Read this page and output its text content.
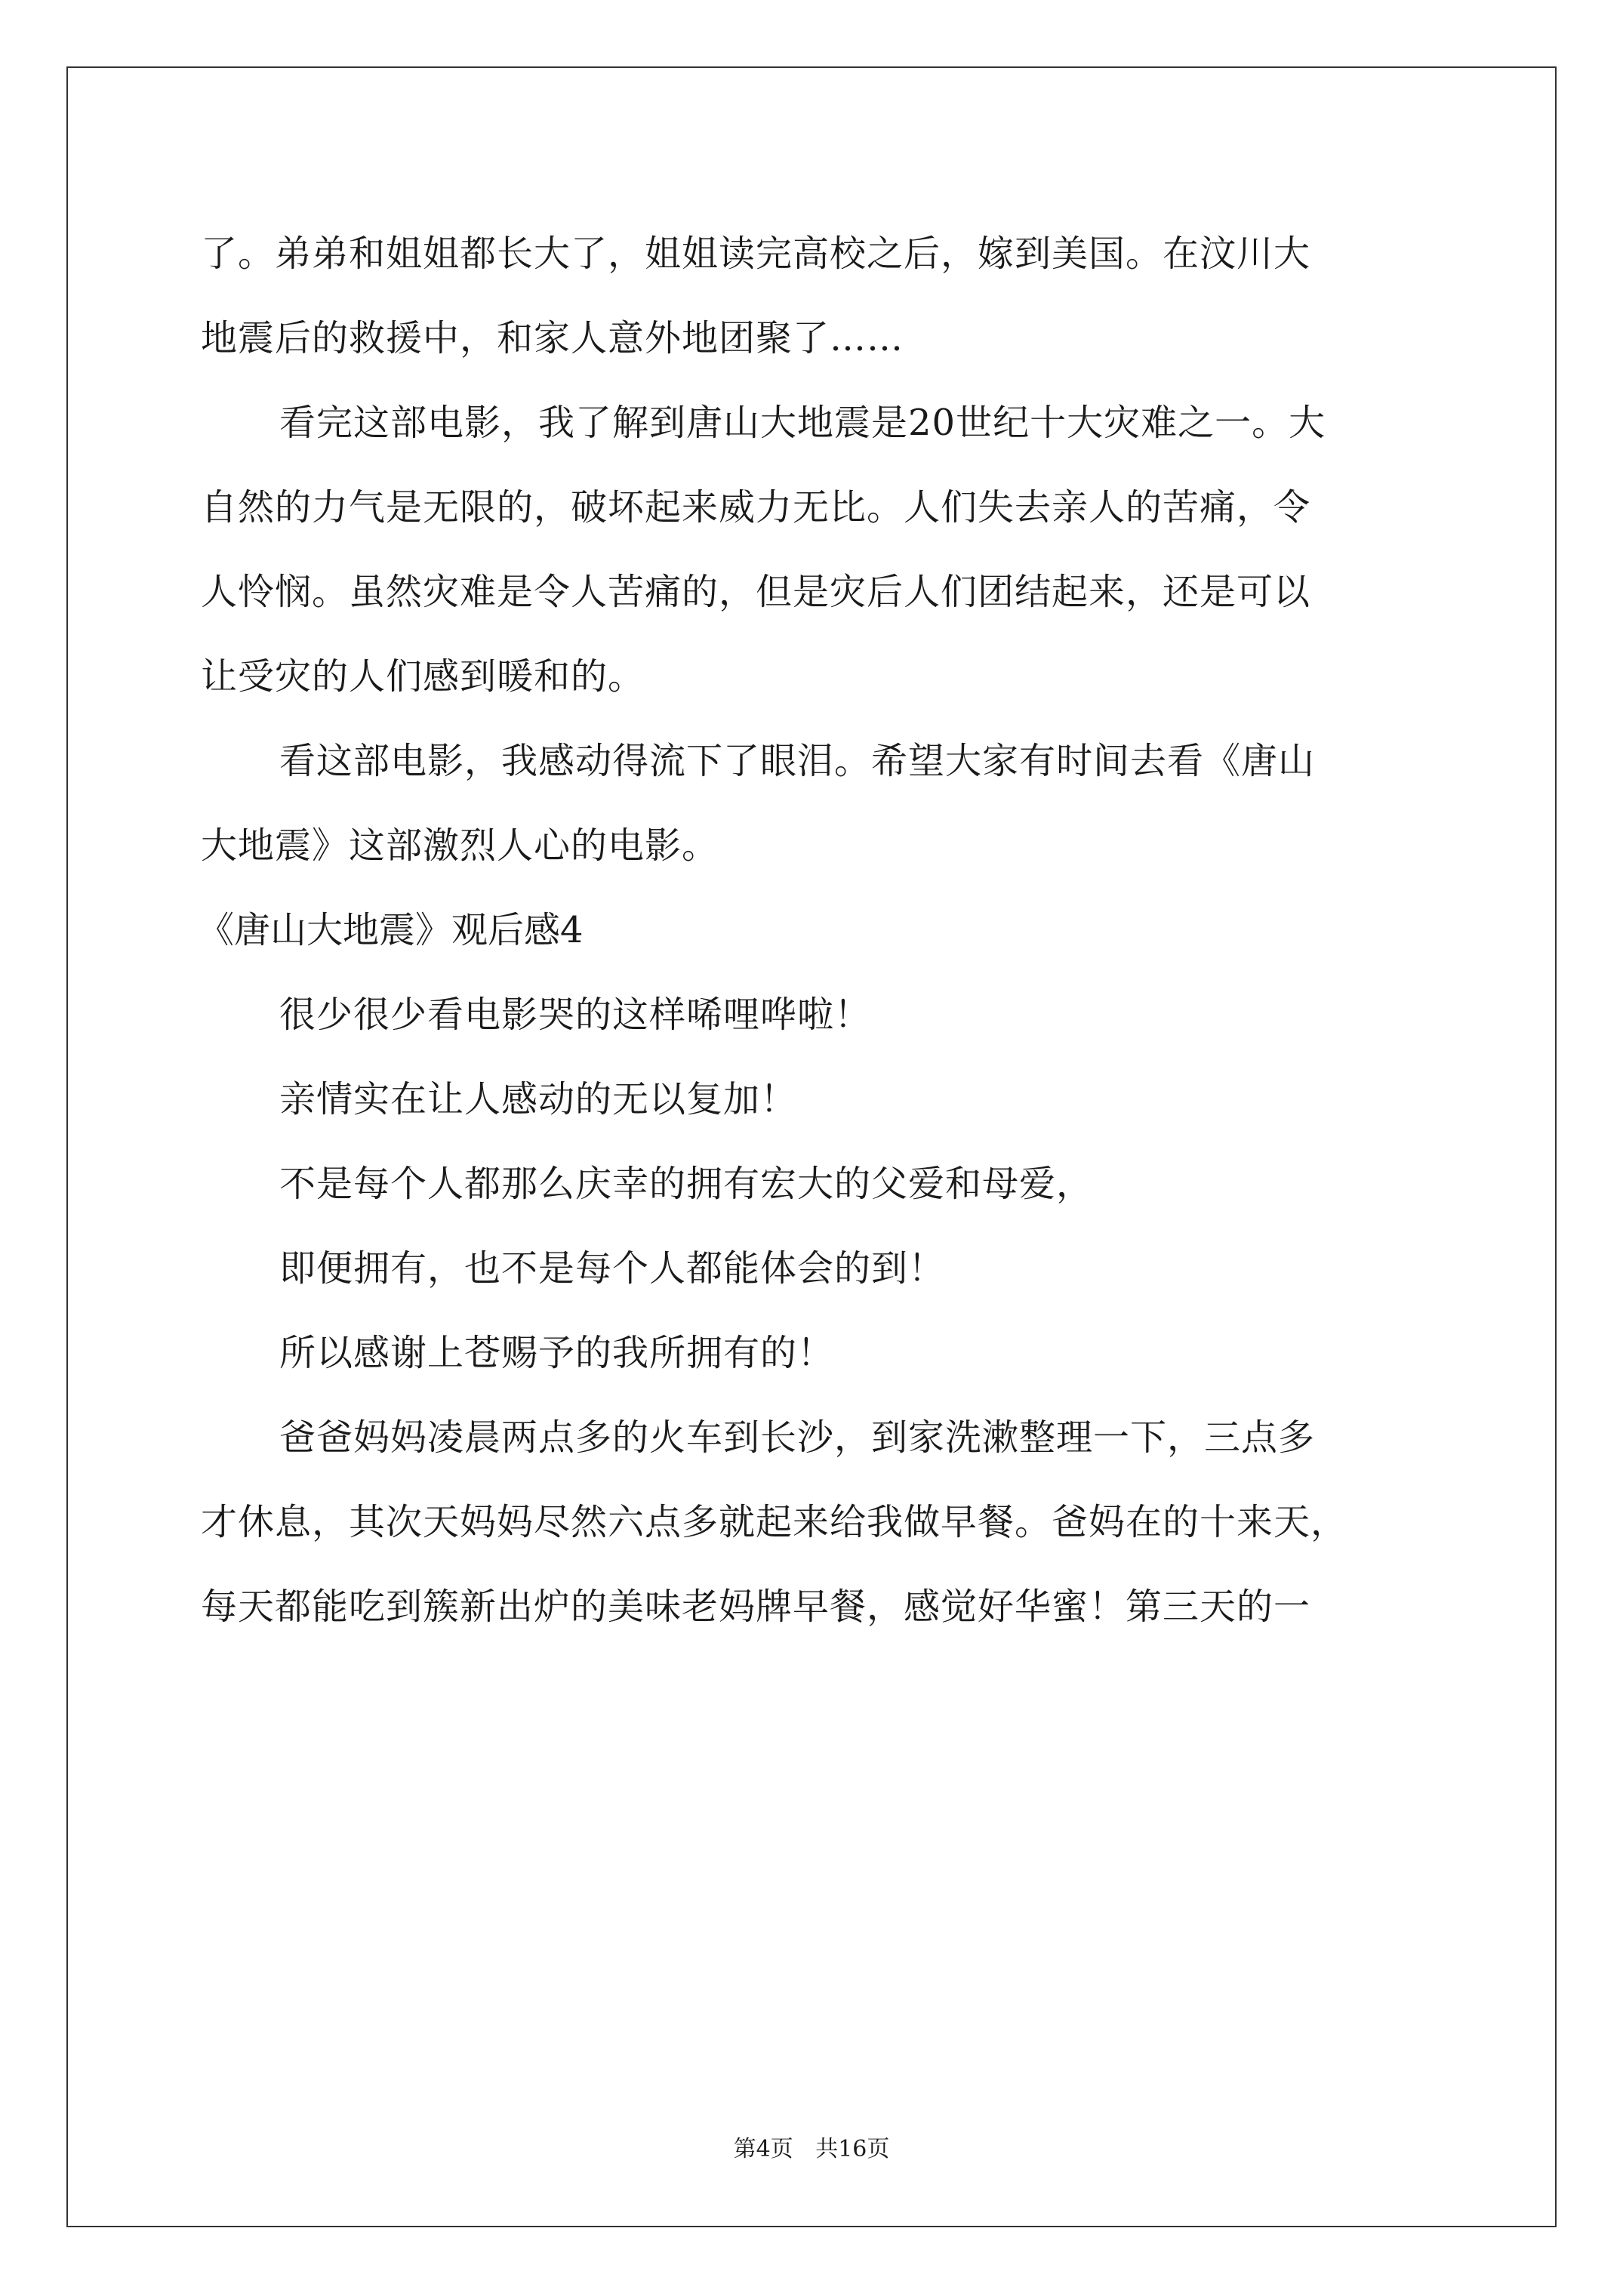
了。弟弟和姐姐都长大了，姐姐读完高校之后，嫁到美国。在汶川大
地震后的救援中，和家人意外地团聚了……
看完这部电影，我了解到唐山大地震是20世纪十大灾难之一。大
自然的力气是无限的，破坏起来威力无比。人们失去亲人的苦痛，令
人怜悯。虽然灾难是令人苦痛的，但是灾后人们团结起来，还是可以
让受灾的人们感到暖和的。
看这部电影，我感动得流下了眼泪。希望大家有时间去看《唐山
大地震》这部激烈人心的电影。
《唐山大地震》观后感4
很少很少看电影哭的这样唏哩哗啦！
亲情实在让人感动的无以复加！
不是每个人都那么庆幸的拥有宏大的父爱和母爱，
即便拥有，也不是每个人都能体会的到！
所以感谢上苍赐予的我所拥有的！
爸爸妈妈凌晨两点多的火车到长沙，到家洗漱整理一下，三点多
才休息，其次天妈妈尽然六点多就起来给我做早餐。爸妈在的十来天，
每天都能吃到簇新出炉的美味老妈牌早餐，感觉好华蜜！第三天的一
第4页 共16页
